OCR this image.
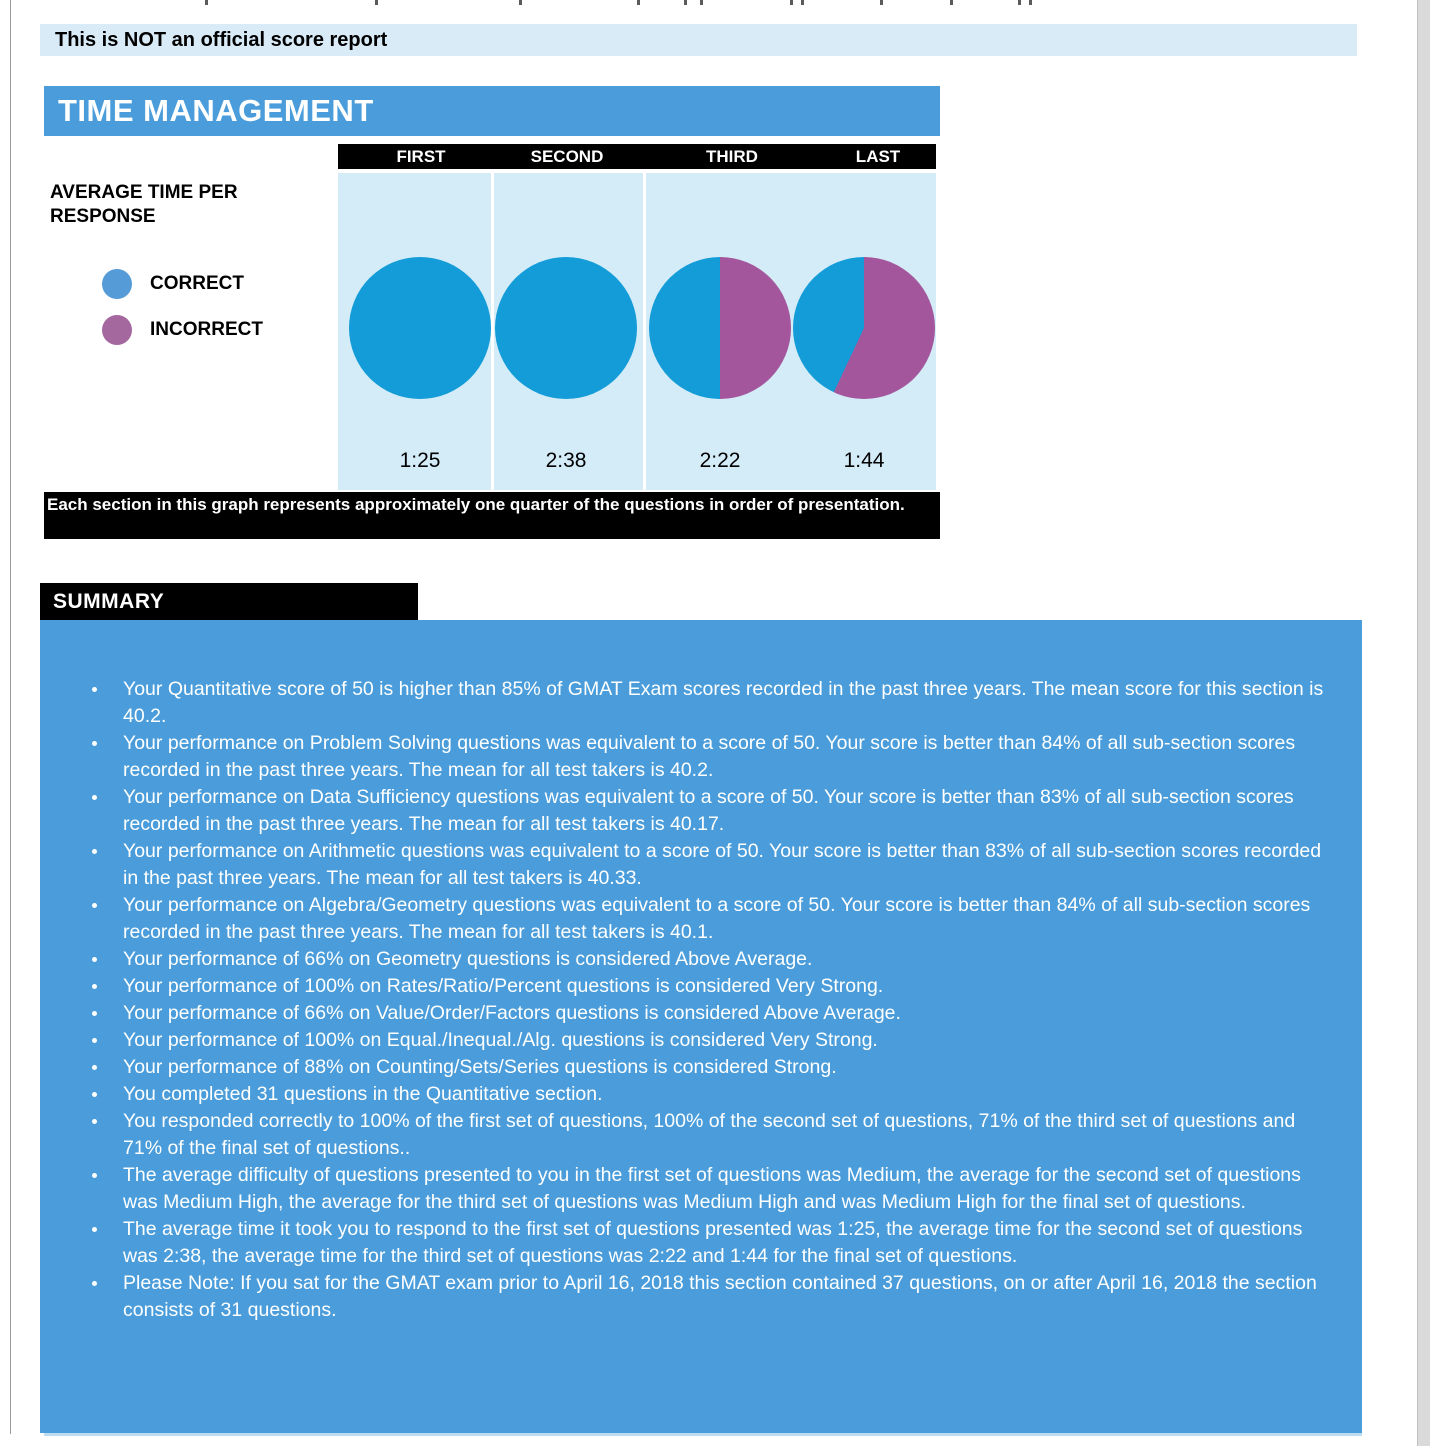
This is NOT an official score report
TIME MANAGEMENT
FIRST	SECOND	THIRD	LAST
1:25	2:38	2:22	1:44
AVERAGE TIME PER RESPONSE
CORRECT
INCORRECT
Each section in this graph represents approximately one quarter of the questions in order of presentation.
SUMMARY
Your Quantitative score of 50 is higher than 85% of GMAT Exam scores recorded in the past three years. The mean score for this section is 40.2.
Your performance on Problem Solving questions was equivalent to a score of 50. Your score is better than 84% of all sub-section scores recorded in the past three years. The mean for all test takers is 40.2.
Your performance on Data Sufficiency questions was equivalent to a score of 50. Your score is better than 83% of all sub-section scores recorded in the past three years. The mean for all test takers is 40.17.
Your performance on Arithmetic questions was equivalent to a score of 50. Your score is better than 83% of all sub-section scores recorded in the past three years. The mean for all test takers is 40.33.
Your performance on Algebra/Geometry questions was equivalent to a score of 50. Your score is better than 84% of all sub-section scores recorded in the past three years. The mean for all test takers is 40.1.
Your performance of 66% on Geometry questions is considered Above Average.
Your performance of 100% on Rates/Ratio/Percent questions is considered Very Strong.
Your performance of 66% on Value/Order/Factors questions is considered Above Average.
Your performance of 100% on Equal./Inequal./Alg. questions is considered Very Strong.
Your performance of 88% on Counting/Sets/Series questions is considered Strong.
You completed 31 questions in the Quantitative section.
You responded correctly to 100% of the first set of questions, 100% of the second set of questions, 71% of the third set of questions and 71% of the final set of questions..
The average difficulty of questions presented to you in the first set of questions was Medium, the average for the second set of questions was Medium High, the average for the third set of questions was Medium High and was Medium High for the final set of questions.
The average time it took you to respond to the first set of questions presented was 1:25, the average time for the second set of questions was 2:38, the average time for the third set of questions was 2:22 and 1:44 for the final set of questions.
Please Note: If you sat for the GMAT exam prior to April 16, 2018 this section contained 37 questions, on or after April 16, 2018 the section consists of 31 questions.
